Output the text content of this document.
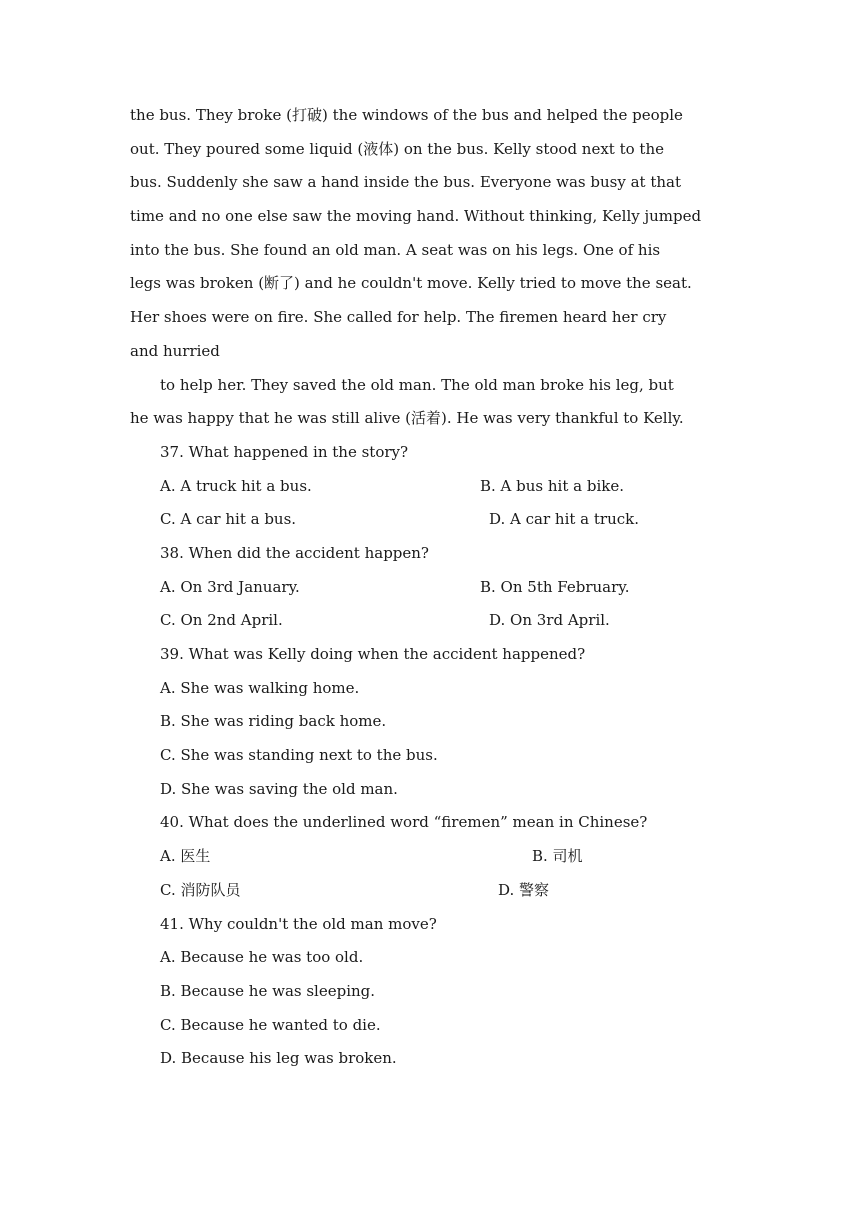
the bus. They broke (打破) the windows of the bus and helped the people
out. They poured some liquid (液体) on the bus. Kelly stood next to the
bus. Suddenly she saw a hand inside the bus. Everyone was busy at that
time and no one else saw the moving hand. Without thinking, Kelly jumped
into the bus. She found an old man. A seat was on his legs. One of his
legs was broken (断了) and he couldn't move. Kelly tried to move the seat.
Her shoes were on fire. She called for help. The firemen heard her cry
and hurried
to help her. They saved the old man. The old man broke his leg, but
he was happy that he was still alive (活着). He was very thankful to Kelly.
37. What happened in the story?
A. A truck hit a bus.	B. A bus hit a bike.
C. A car hit a bus.	D. A car hit a truck.
38. When did the accident happen?
A. On 3rd January.	B. On 5th February.
C. On 2nd April.	D. On 3rd April.
39. What was Kelly doing when the accident happened?
A. She was walking home.
B. She was riding back home.
C. She was standing next to the bus.
D. She was saving the old man.
40. What does the underlined word “firemen” mean in Chinese?
A. 医生	B. 司机
C. 消防队员	D. 警察
41. Why couldn't the old man move?
A. Because he was too old.
B. Because he was sleeping.
C. Because he wanted to die.
D. Because his leg was broken.
